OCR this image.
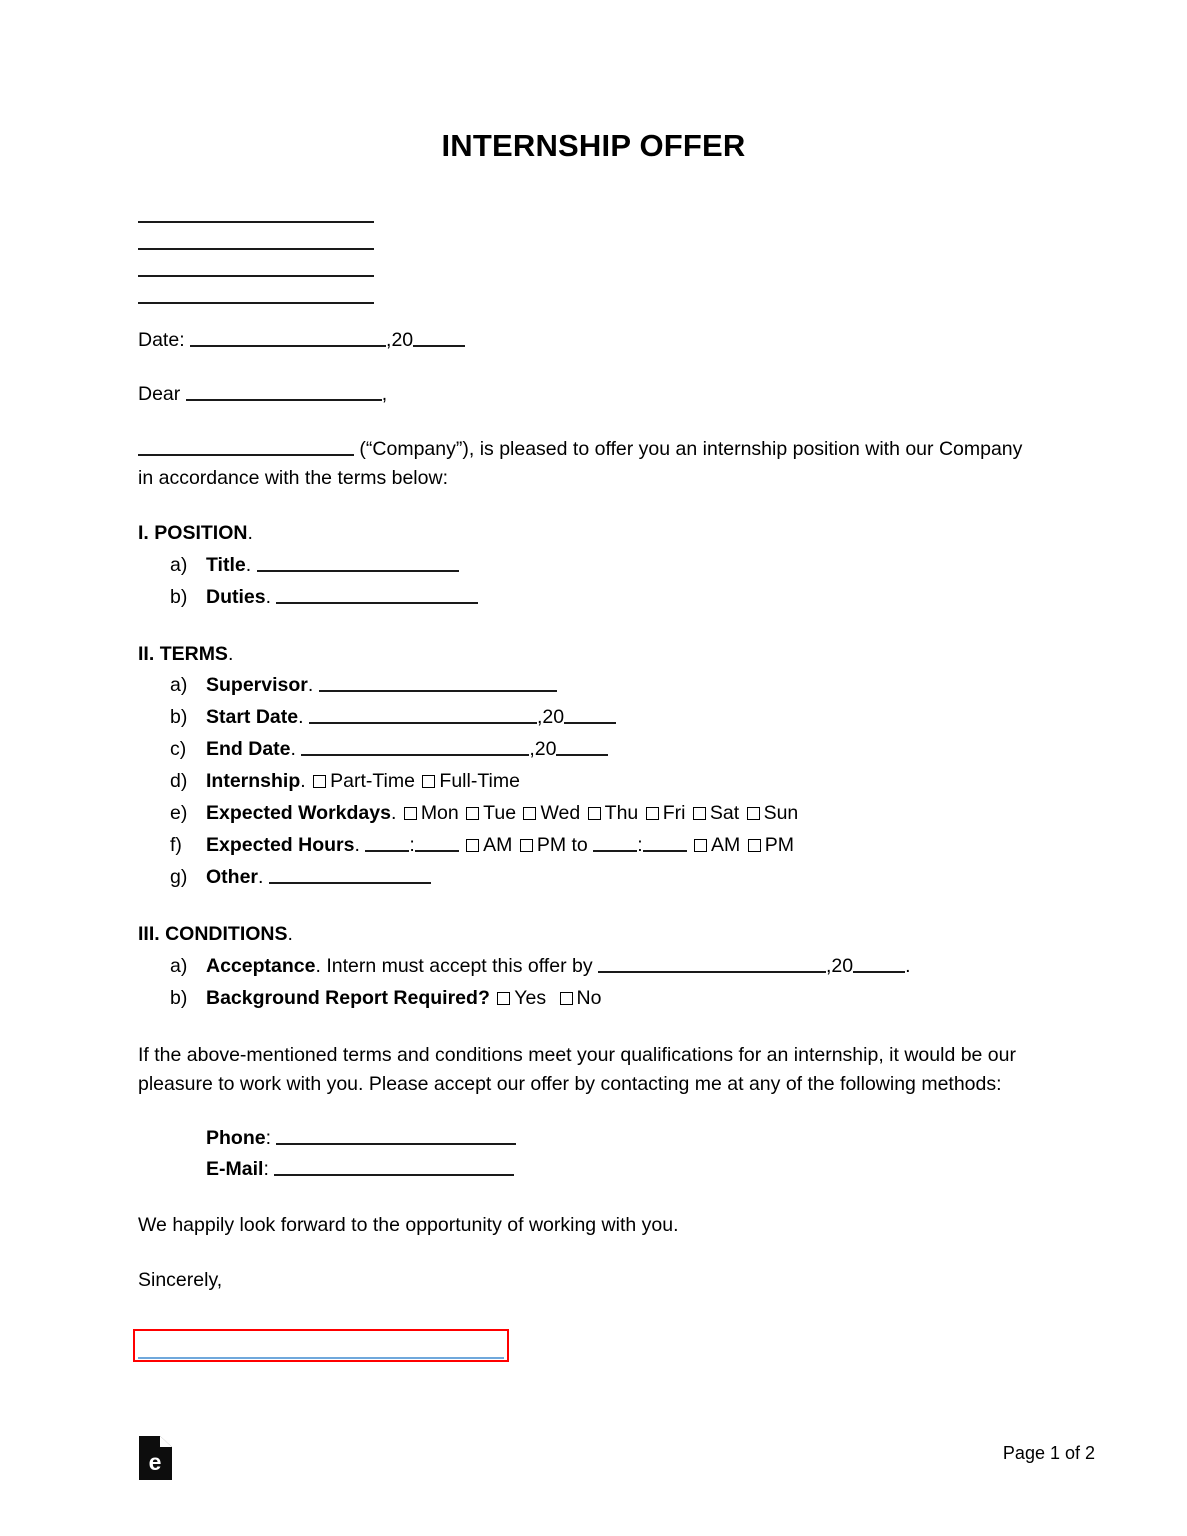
INTERNSHIP OFFER
Date:	,20
Dear	,
(“Company”), is pleased to offer you an internship position with our Company in accordance with the terms below:
I. POSITION.
a) Title.
b) Duties.
II. TERMS.
a) Supervisor.
b) Start Date.	,20
c)	End Date.	,20
d) Internship. Part-Time Full-Time
e) Expected Workdays. Mon Tue Wed Thu Fri Sat Sun
f)	Expected Hours.	:	AM PM to	:	AM PM
g) Other.
III. CONDITIONS.
a) Acceptance. Intern must accept this offer by	,20	.
b) Background Report Required? Yes No
If the above-mentioned terms and conditions meet your qualifications for an internship, it would be our pleasure to work with you. Please accept our offer by contacting me at any of the following methods:
Phone:
E-Mail:
We happily look forward to the opportunity of working with you.
Sincerely,
e	Page 1 of 2
